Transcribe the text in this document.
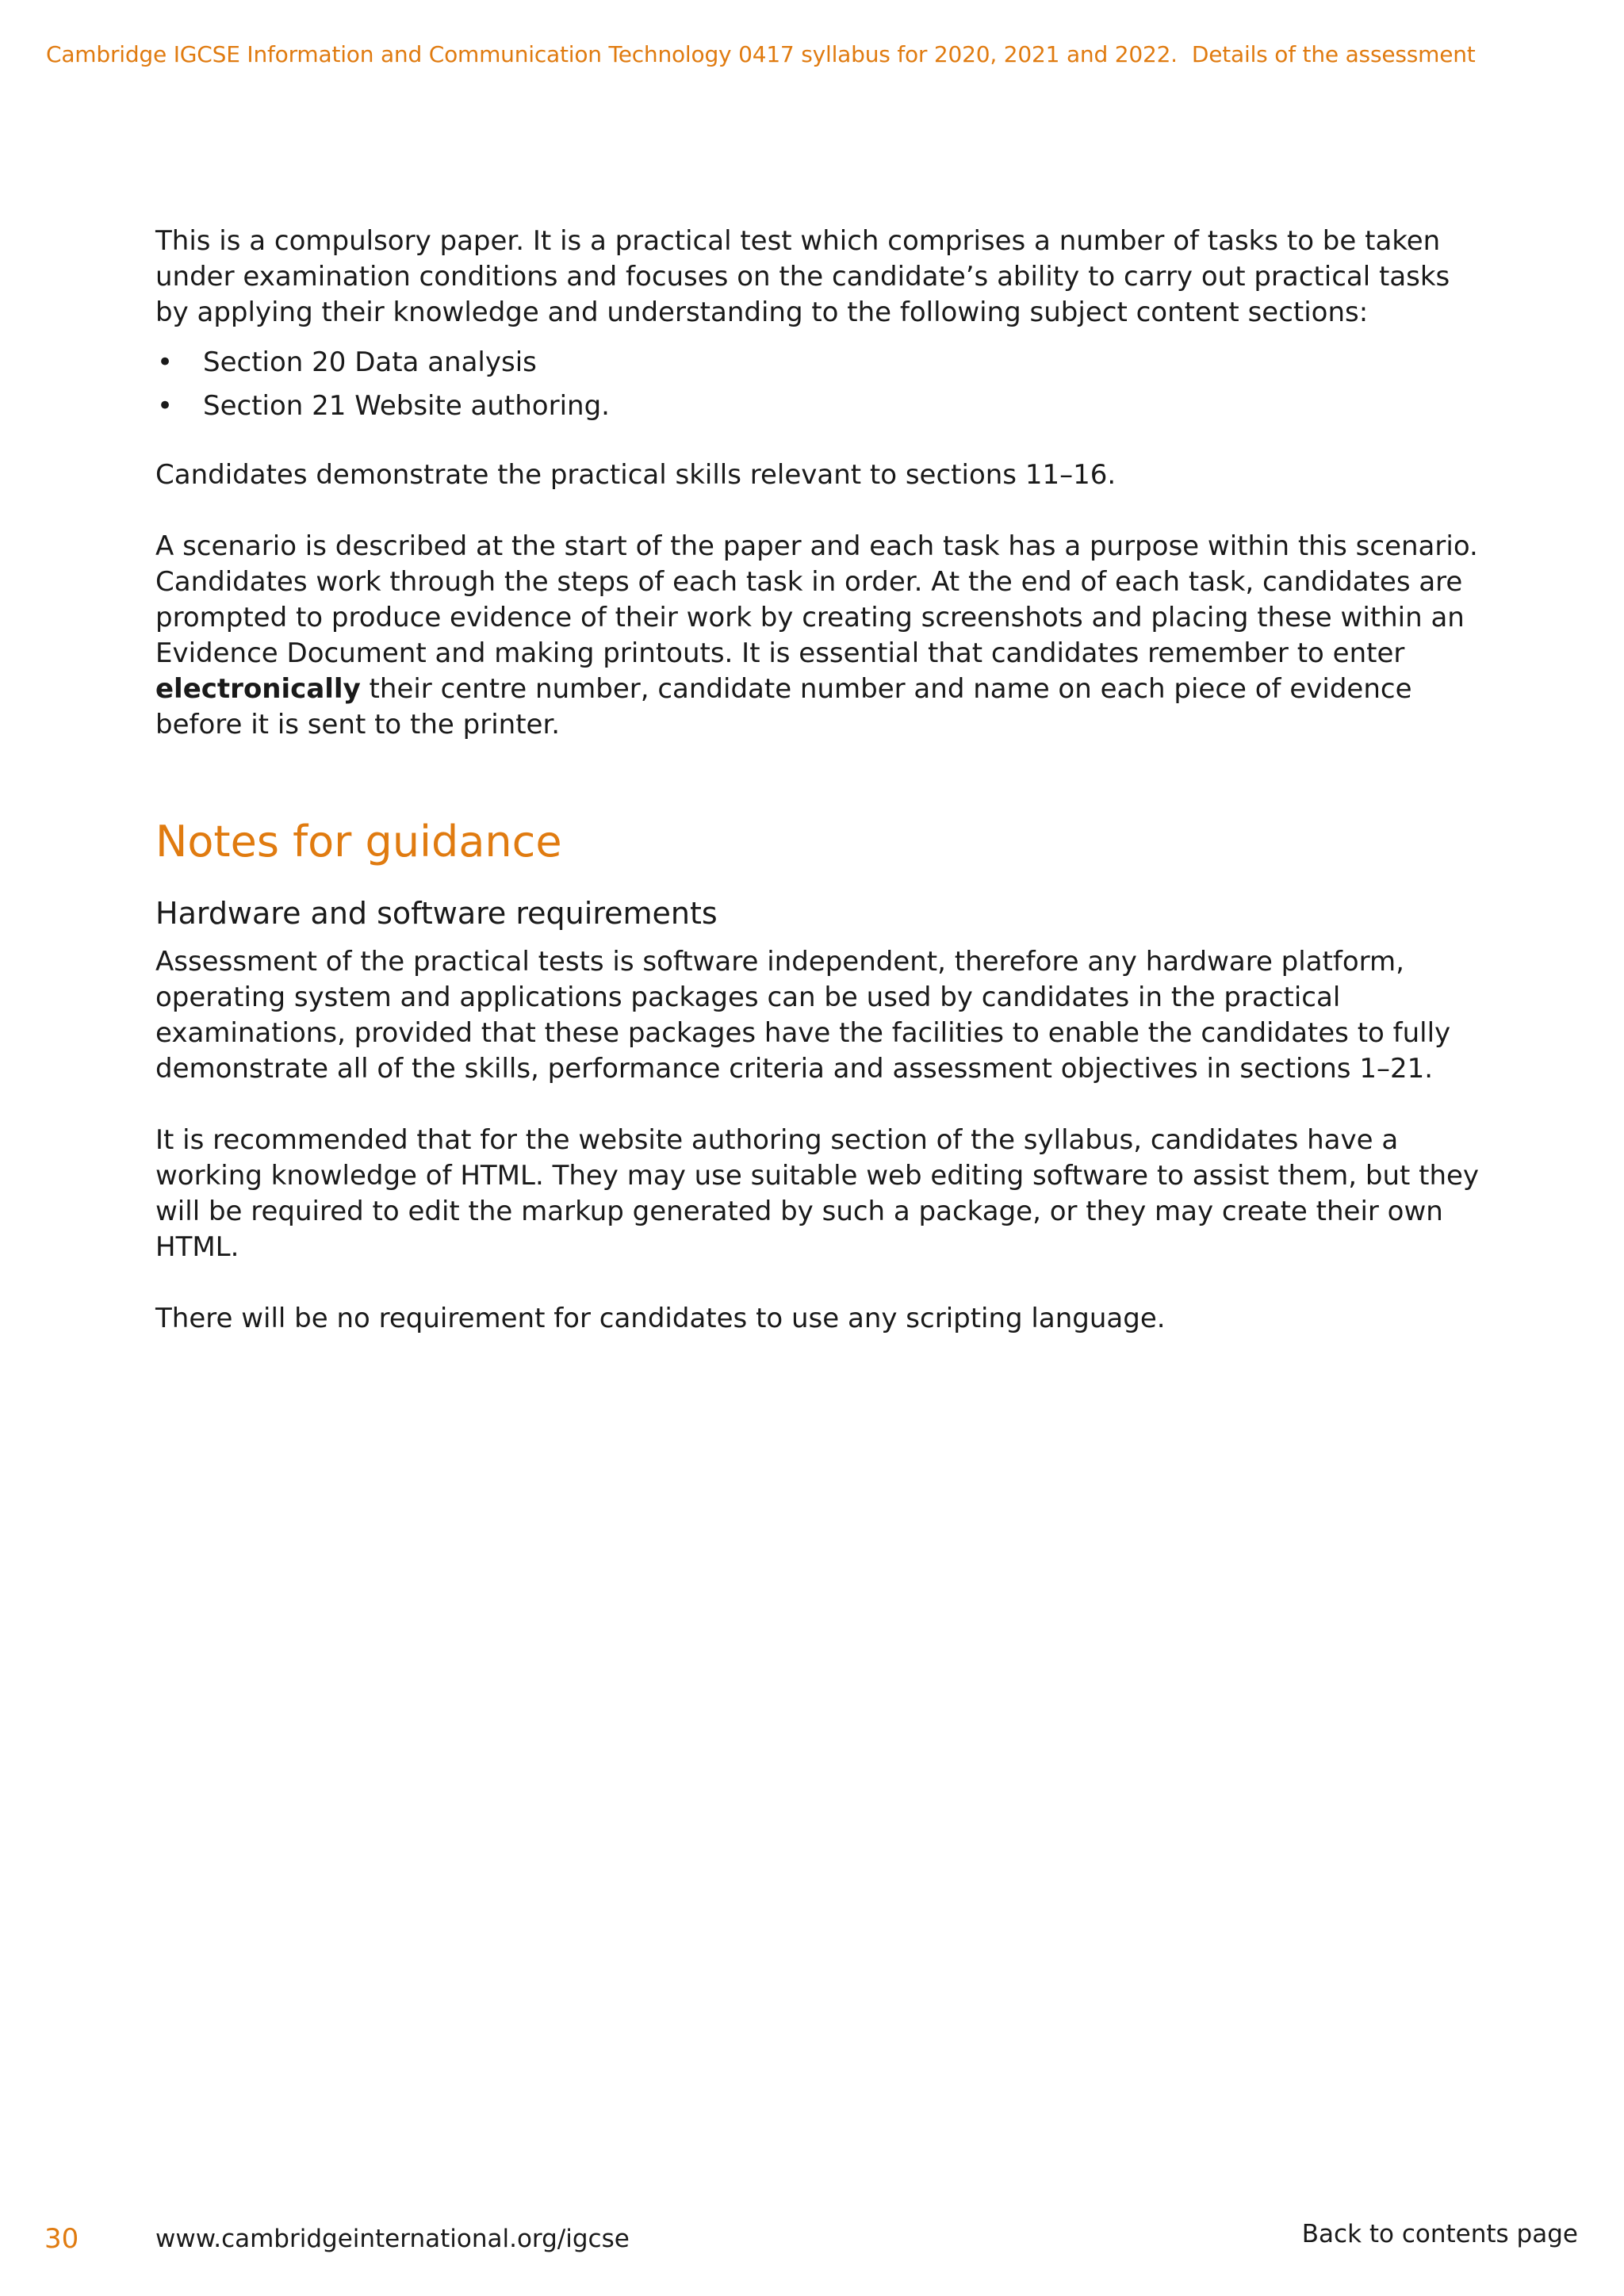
Cambridge IGCSE Information and Communication Technology 0417 syllabus for 2020, 2021 and 2022. Details of the assessment

This is a compulsory paper. It is a practical test which comprises a number of tasks to be taken under examination conditions and focuses on the candidate’s ability to carry out practical tasks by applying their knowledge and understanding to the following subject content sections:

• Section 20 Data analysis
• Section 21 Website authoring.

Candidates demonstrate the practical skills relevant to sections 11–16.

A scenario is described at the start of the paper and each task has a purpose within this scenario. Candidates work through the steps of each task in order. At the end of each task, candidates are prompted to produce evidence of their work by creating screenshots and placing these within an Evidence Document and making printouts. It is essential that candidates remember to enter electronically their centre number, candidate number and name on each piece of evidence before it is sent to the printer.

Notes for guidance
Hardware and software requirements

Assessment of the practical tests is software independent, therefore any hardware platform, operating system and applications packages can be used by candidates in the practical examinations, provided that these packages have the facilities to enable the candidates to fully demonstrate all of the skills, performance criteria and assessment objectives in sections 1–21.

It is recommended that for the website authoring section of the syllabus, candidates have a working knowledge of HTML. They may use suitable web editing software to assist them, but they will be required to edit the markup generated by such a package, or they may create their own HTML.

There will be no requirement for candidates to use any scripting language.

30	www.cambridgeinternational.org/igcse	Back to contents page
